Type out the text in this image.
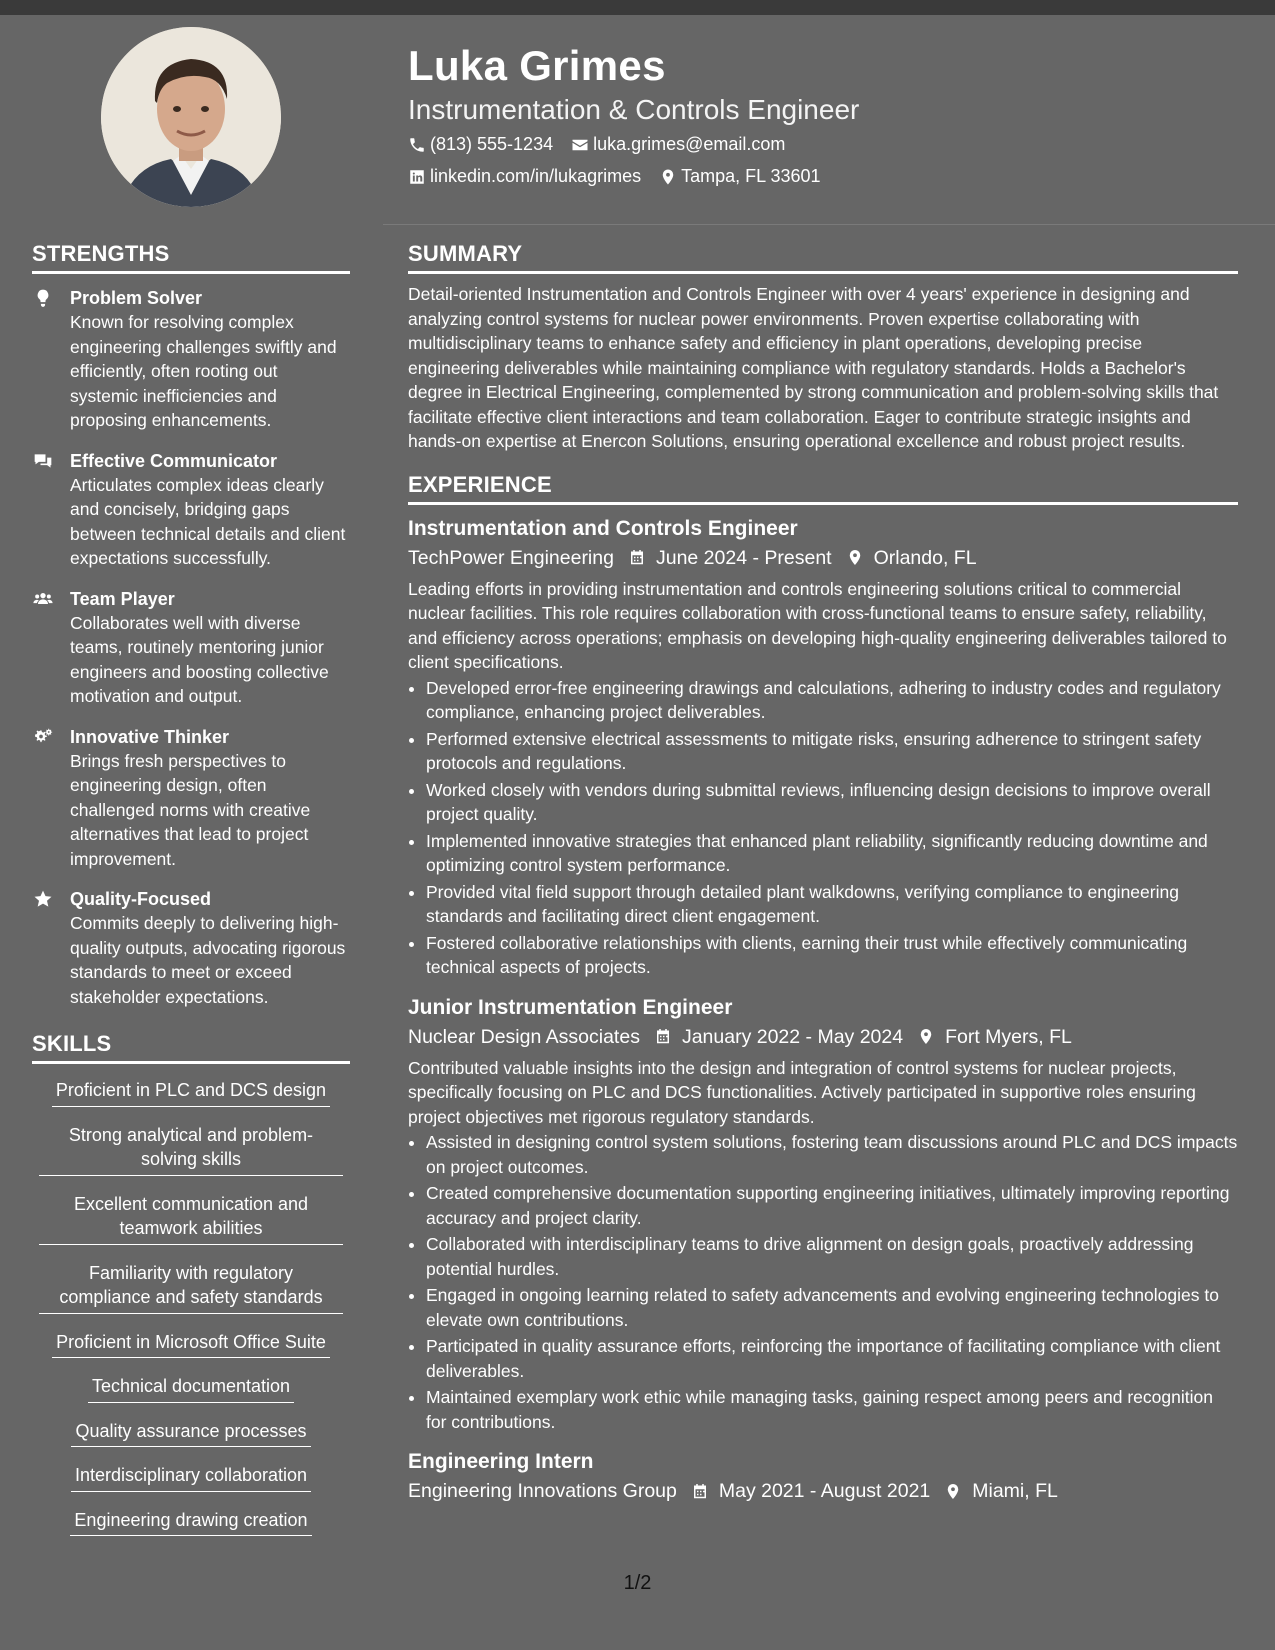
Luka Grimes
Instrumentation & Controls Engineer
(813) 555-1234 luka.grimes@email.com
linkedin.com/in/lukagrimes Tampa, FL 33601
STRENGTHS
Problem Solver
Known for resolving complex engineering challenges swiftly and efficiently, often rooting out systemic inefficiencies and proposing enhancements.
Effective Communicator
Articulates complex ideas clearly and concisely, bridging gaps between technical details and client expectations successfully.
Team Player
Collaborates well with diverse teams, routinely mentoring junior engineers and boosting collective motivation and output.
Innovative Thinker
Brings fresh perspectives to engineering design, often challenged norms with creative alternatives that lead to project improvement.
Quality-Focused
Commits deeply to delivering high-quality outputs, advocating rigorous standards to meet or exceed stakeholder expectations.
SKILLS
Proficient in PLC and DCS design
Strong analytical and problem-solving skills
Excellent communication and teamwork abilities
Familiarity with regulatory compliance and safety standards
Proficient in Microsoft Office Suite
Technical documentation
Quality assurance processes
Interdisciplinary collaboration
Engineering drawing creation
SUMMARY
Detail-oriented Instrumentation and Controls Engineer with over 4 years' experience in designing and analyzing control systems for nuclear power environments. Proven expertise collaborating with multidisciplinary teams to enhance safety and efficiency in plant operations, developing precise engineering deliverables while maintaining compliance with regulatory standards. Holds a Bachelor's degree in Electrical Engineering, complemented by strong communication and problem-solving skills that facilitate effective client interactions and team collaboration. Eager to contribute strategic insights and hands-on expertise at Enercon Solutions, ensuring operational excellence and robust project results.
EXPERIENCE
Instrumentation and Controls Engineer
TechPower Engineering June 2024 - Present Orlando, FL
Leading efforts in providing instrumentation and controls engineering solutions critical to commercial nuclear facilities. This role requires collaboration with cross-functional teams to ensure safety, reliability, and efficiency across operations; emphasis on developing high-quality engineering deliverables tailored to client specifications.
• Developed error-free engineering drawings and calculations, adhering to industry codes and regulatory compliance, enhancing project deliverables.
• Performed extensive electrical assessments to mitigate risks, ensuring adherence to stringent safety protocols and regulations.
• Worked closely with vendors during submittal reviews, influencing design decisions to improve overall project quality.
• Implemented innovative strategies that enhanced plant reliability, significantly reducing downtime and optimizing control system performance.
• Provided vital field support through detailed plant walkdowns, verifying compliance to engineering standards and facilitating direct client engagement.
• Fostered collaborative relationships with clients, earning their trust while effectively communicating technical aspects of projects.
Junior Instrumentation Engineer
Nuclear Design Associates January 2022 - May 2024 Fort Myers, FL
Contributed valuable insights into the design and integration of control systems for nuclear projects, specifically focusing on PLC and DCS functionalities. Actively participated in supportive roles ensuring project objectives met rigorous regulatory standards.
• Assisted in designing control system solutions, fostering team discussions around PLC and DCS impacts on project outcomes.
• Created comprehensive documentation supporting engineering initiatives, ultimately improving reporting accuracy and project clarity.
• Collaborated with interdisciplinary teams to drive alignment on design goals, proactively addressing potential hurdles.
• Engaged in ongoing learning related to safety advancements and evolving engineering technologies to elevate own contributions.
• Participated in quality assurance efforts, reinforcing the importance of facilitating compliance with client deliverables.
• Maintained exemplary work ethic while managing tasks, gaining respect among peers and recognition for contributions.
Engineering Intern
Engineering Innovations Group May 2021 - August 2021 Miami, FL
1/2
